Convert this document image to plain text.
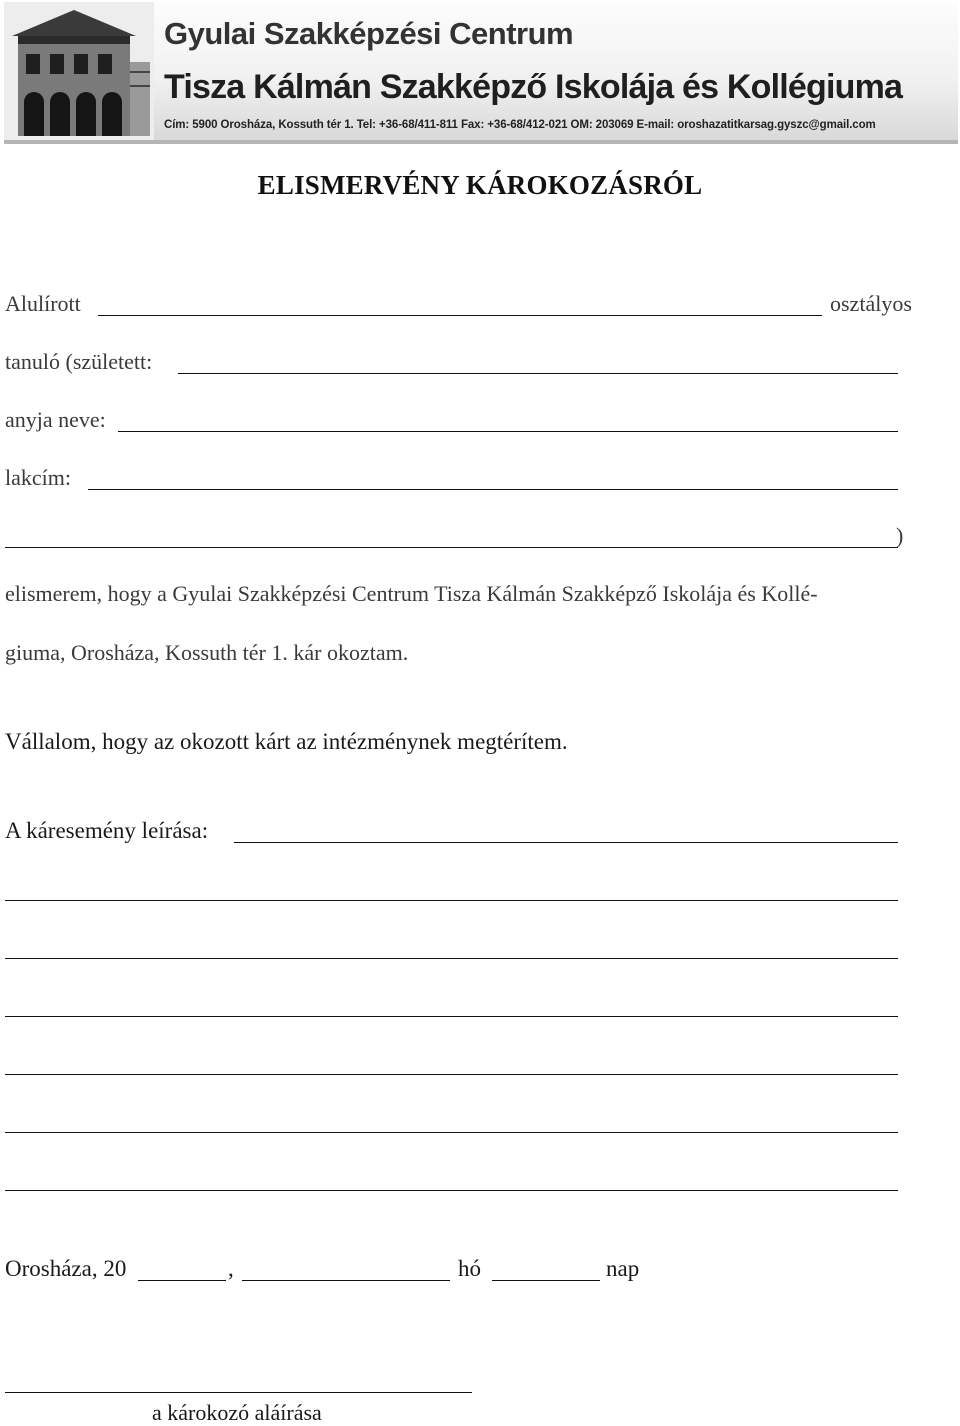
Gyulai Szakképzési Centrum
Tisza Kálmán Szakképző Iskolája és Kollégiuma
Cím: 5900 Orosháza, Kossuth tér 1. Tel: +36-68/411-811 Fax: +36-68/412-021 OM: 203069 E-mail: oroshazatitkarsag.gyszc@gmail.com
ELISMERVÉNY KÁROKOZÁSRÓL
Alulírott	osztályos
tanuló (született:
anyja neve:
lakcím:
)
elismerem, hogy a Gyulai Szakképzési Centrum Tisza Kálmán Szakképző Iskolája és Kollé-
giuma, Orosháza, Kossuth tér 1. kár okoztam.
Vállalom, hogy az okozott kárt az intézménynek megtérítem.
A káresemény leírása:
Orosháza, 20	,	hó	nap
a károkozó aláírása
